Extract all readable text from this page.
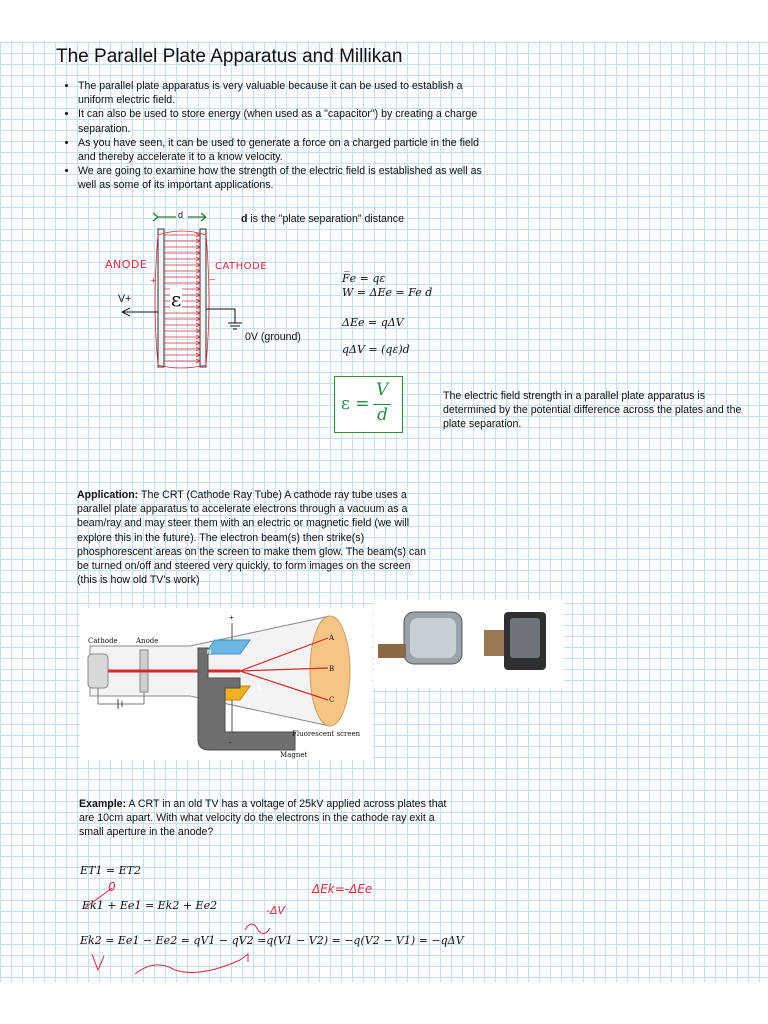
The Parallel Plate Apparatus and Millikan
• The parallel plate apparatus is very valuable because it can be used to establish a uniform electric field.
• It can also be used to store energy (when used as a "capacitor") by creating a charge separation.
• As you have seen, it can be used to generate a force on a charged particle in the field and thereby accelerate it to a know velocity.
• We are going to examine how the strength of the electric field is established as well as well as some of its important applications.
+	−
d	d is the "plate separation" distance
ANODE	CATHODE
V+ ε
0V (ground)
F̅e = qε
W = ΔEe = Fe d
ΔEe = qΔV
qΔV = (qε)d
ε =
V
d
The electric field strength in a parallel plate apparatus is determined by the potential difference across the plates and the plate separation.
Application: The CRT (Cathode Ray Tube) A cathode ray tube uses a parallel plate apparatus to accelerate electrons through a vacuum as a beam/ray and may steer them with an electric or magnetic field (we will explore this in the future). The electron beam(s) then strike(s) phosphorescent areas on the screen to make them glow. The beam(s) can be turned on/off and steered very quickly, to form images on the screen (this is how old TV's work)
Cathode	Anode
+
-
N
S
A
B
C
Fluorescent screen
Magnet
Example: A CRT in an old TV has a voltage of 25kV applied across plates that are 10cm apart. With what velocity do the electrons in the cathode ray exit a small aperture in the anode?
ET1 = ET2
Ek1 + Ee1 = Ek2 + Ee2
Ek2 = Ee1 − Ee2 = qV1 − qV2 =q(V1 − V2) = −q(V2 − V1) = −qΔV
0
-ΔV
ΔEk=-ΔEe
